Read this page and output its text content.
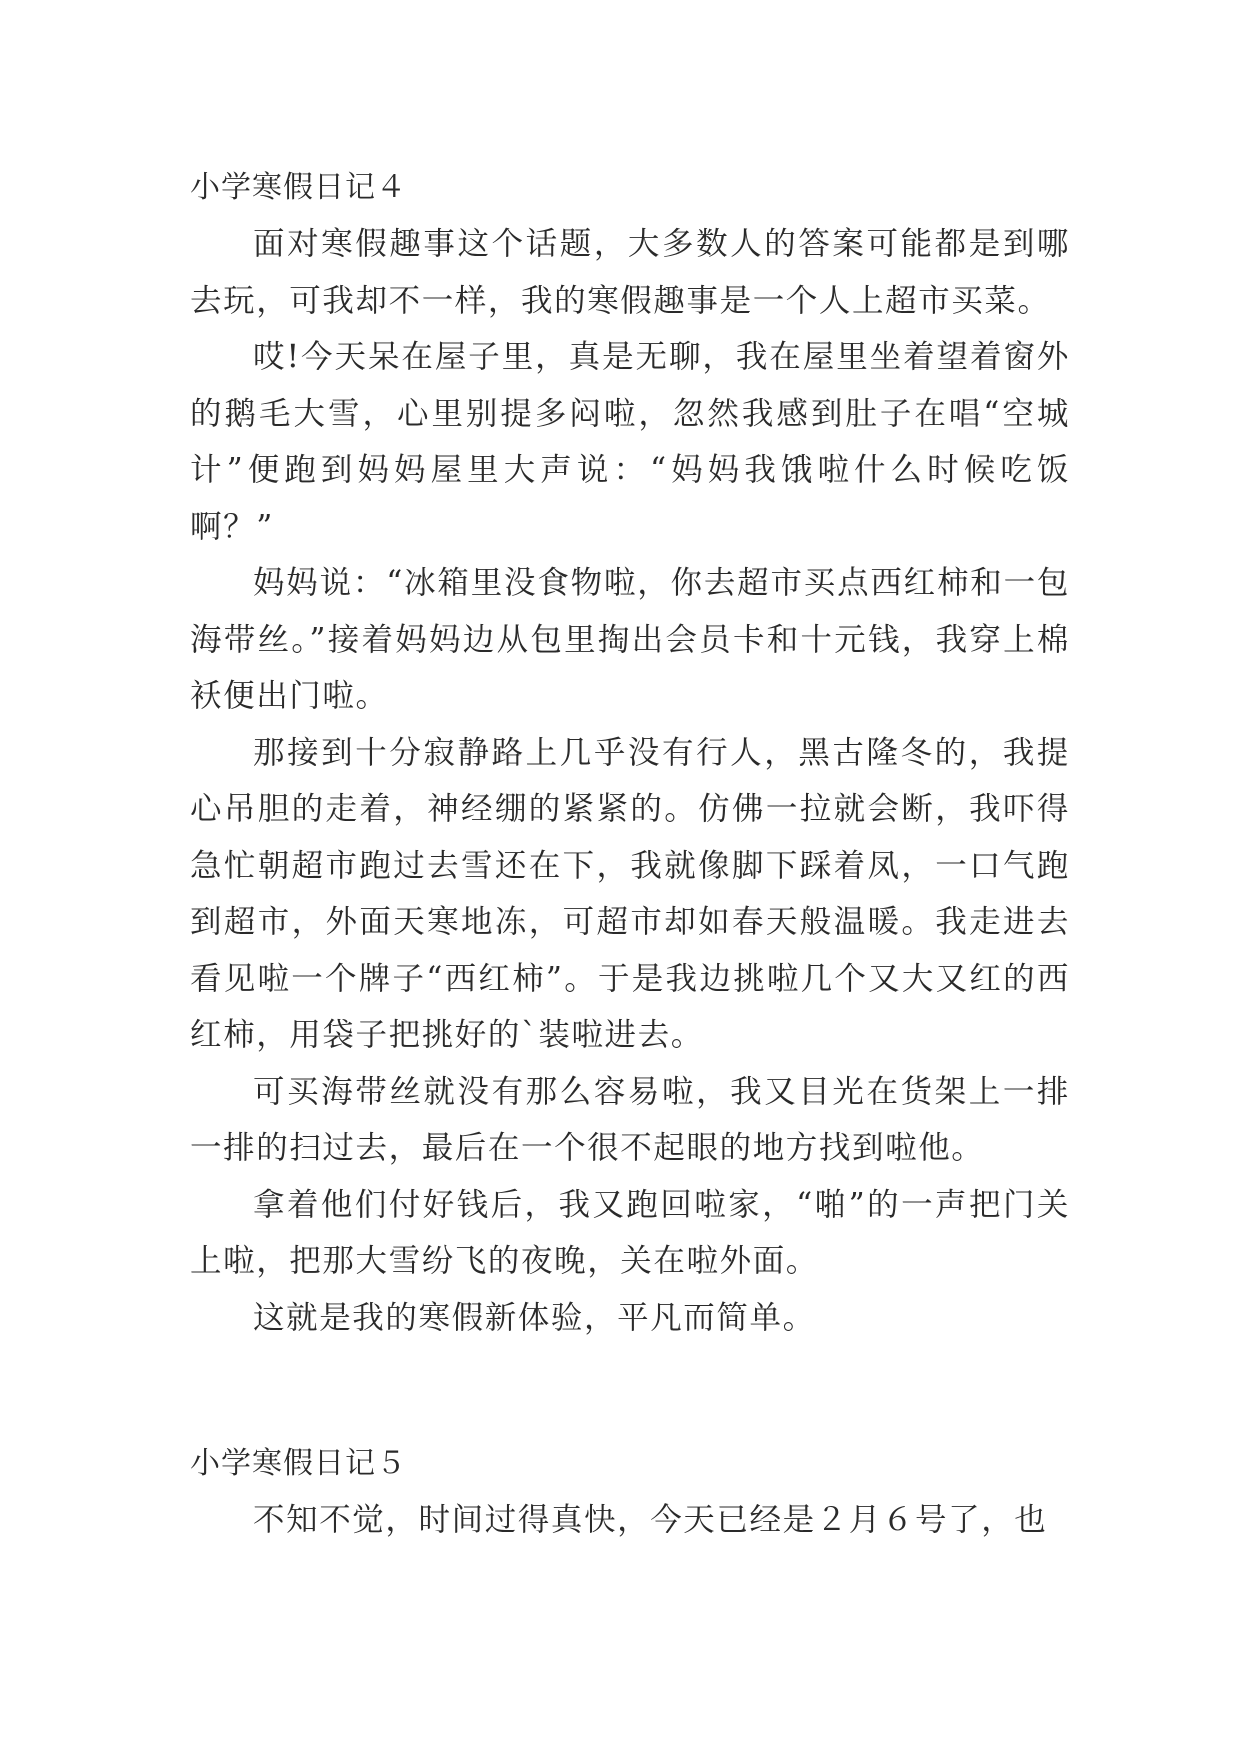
小学寒假日记４

面对寒假趣事这个话题，大多数人的答案可能都是到哪去玩，可我却不一样，我的寒假趣事是一个人上超市买菜。

哎!今天呆在屋子里，真是无聊，我在屋里坐着望着窗外的鹅毛大雪，心里别提多闷啦，忽然我感到肚子在唱“空城计”便跑到妈妈屋里大声说：“妈妈我饿啦什么时候吃饭啊？”

妈妈说：“冰箱里没食物啦，你去超市买点西红柿和一包海带丝。”接着妈妈边从包里掏出会员卡和十元钱，我穿上棉袄便出门啦。

那接到十分寂静路上几乎没有行人，黑古隆冬的，我提心吊胆的走着，神经绷的紧紧的。仿佛一拉就会断，我吓得急忙朝超市跑过去雪还在下，我就像脚下踩着凤，一口气跑到超市，外面天寒地冻，可超市却如春天般温暖。我走进去看见啦一个牌子“西红柿”。于是我边挑啦几个又大又红的西红柿，用袋子把挑好的`装啦进去。

可买海带丝就没有那么容易啦，我又目光在货架上一排一排的扫过去，最后在一个很不起眼的地方找到啦他。

拿着他们付好钱后，我又跑回啦家，“啪”的一声把门关上啦，把那大雪纷飞的夜晚，关在啦外面。

这就是我的寒假新体验，平凡而简单。

小学寒假日记５

不知不觉，时间过得真快，今天已经是２月６号了，也
